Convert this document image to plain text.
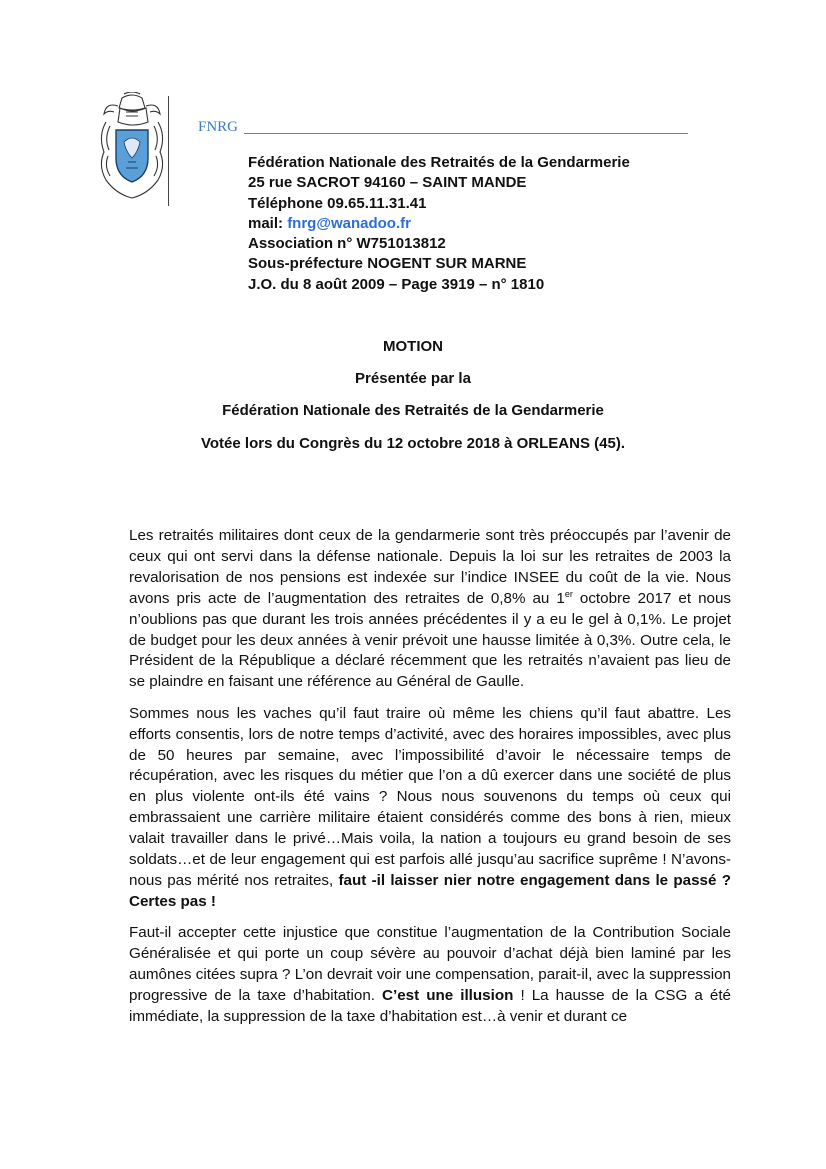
FNRG
Fédération Nationale des Retraités de la Gendarmerie
25 rue SACROT 94160 – SAINT MANDE
Téléphone 09.65.11.31.41
mail: fnrg@wanadoo.fr
Association n° W751013812
Sous-préfecture NOGENT SUR MARNE
J.O. du 8 août 2009 – Page 3919 – n° 1810
MOTION
Présentée par la
Fédération Nationale des Retraités de la Gendarmerie
Votée lors du Congrès du 12 octobre 2018 à ORLEANS (45).

Les retraités militaires dont ceux de la gendarmerie sont très préoccupés par l’avenir de ceux qui ont servi dans la défense nationale. Depuis la loi sur les retraites de 2003 la revalorisation de nos pensions est indexée sur l’indice INSEE du coût de la vie. Nous avons pris acte de l’augmentation des retraites de 0,8% au 1er octobre 2017 et nous n’oublions pas que durant les trois années précédentes il y a eu le gel à 0,1%. Le projet de budget pour les deux années à venir prévoit une hausse limitée à 0,3%. Outre cela, le Président de la République a déclaré récemment que les retraités n’avaient pas lieu de se plaindre en faisant une référence au Général de Gaulle.

Sommes nous les vaches qu’il faut traire où même les chiens qu’il faut abattre. Les efforts consentis, lors de notre temps d’activité, avec des horaires impossibles, avec plus de 50 heures par semaine, avec l’impossibilité d’avoir le nécessaire temps de récupération, avec les risques du métier que l’on a dû exercer dans une société de plus en plus violente ont-ils été vains ? Nous nous souvenons du temps où ceux qui embrassaient une carrière militaire étaient considérés comme des bons à rien, mieux valait travailler dans le privé…Mais voila, la nation a toujours eu grand besoin de ses soldats…et de leur engagement qui est parfois allé jusqu’au sacrifice suprême ! N’avons-nous pas mérité nos retraites, faut -il laisser nier notre engagement dans le passé ? Certes pas !

Faut-il accepter cette injustice que constitue l’augmentation de la Contribution Sociale Généralisée et qui porte un coup sévère au pouvoir d’achat déjà bien laminé par les aumônes citées supra ? L’on devrait voir une compensation, parait-il, avec la suppression progressive de la taxe d’habitation. C’est une illusion ! La hausse de la CSG a été immédiate, la suppression de la taxe d’habitation est…à venir et durant ce
